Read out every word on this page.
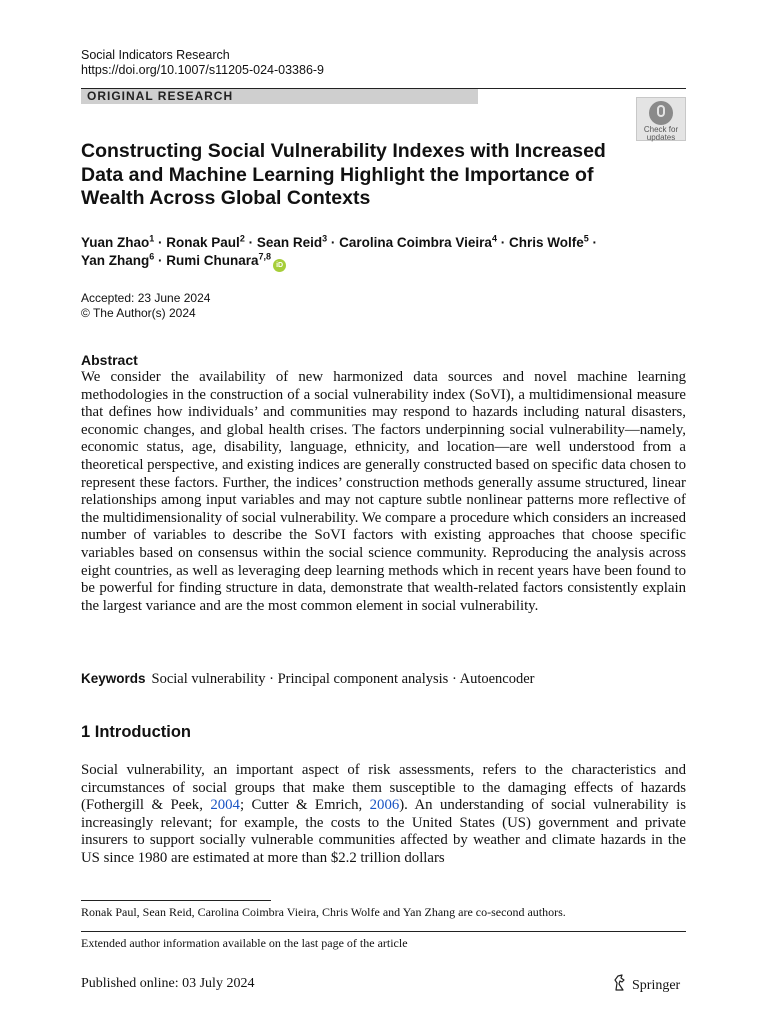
Social Indicators Research
https://doi.org/10.1007/s11205-024-03386-9
ORIGINAL RESEARCH
Check for updates
Constructing Social Vulnerability Indexes with Increased Data and Machine Learning Highlight the Importance of Wealth Across Global Contexts
Yuan Zhao$^1$ · Ronak Paul$^2$ · Sean Reid$^3$ · Carolina Coimbra Vieira$^4$ · Chris Wolfe$^5$ ·
Yan Zhang$^6$ · Rumi Chunara$^{7,8}$iD
Accepted: 23 June 2024
© The Author(s) 2024
Abstract

We consider the availability of new harmonized data sources and novel machine learning methodologies in the construction of a social vulnerability index (SoVI), a multidimensional measure that defines how individuals’ and communities may respond to hazards including natural disasters, economic changes, and global health crises. The factors underpinning social vulnerability—namely, economic status, age, disability, language, ethnicity, and location—are well understood from a theoretical perspective, and existing indices are generally constructed based on specific data chosen to represent these factors. Further, the indices’ construction methods generally assume structured, linear relationships among input variables and may not capture subtle nonlinear patterns more reflective of the multidimensionality of social vulnerability. We compare a procedure which considers an increased number of variables to describe the SoVI factors with existing approaches that choose specific variables based on consensus within the social science community. Reproducing the analysis across eight countries, as well as leveraging deep learning methods which in recent years have been found to be powerful for finding structure in data, demonstrate that wealth-related factors consistently explain the largest variance and are the most common element in social vulnerability.

Keywords Social vulnerability · Principal component analysis · Autoencoder
1 Introduction

Social vulnerability, an important aspect of risk assessments, refers to the characteristics and circumstances of social groups that make them susceptible to the damaging effects of hazards (Fothergill & Peek, 2004; Cutter & Emrich, 2006). An understanding of social vulnerability is increasingly relevant; for example, the costs to the United States (US) government and private insurers to support socially vulnerable communities affected by weather and climate hazards in the US since 1980 are estimated at more than $2.2 trillion dollars

Ronak Paul, Sean Reid, Carolina Coimbra Vieira, Chris Wolfe and Yan Zhang are co-second authors.
Extended author information available on the last page of the article
Published online: 03 July 2024	Springer
